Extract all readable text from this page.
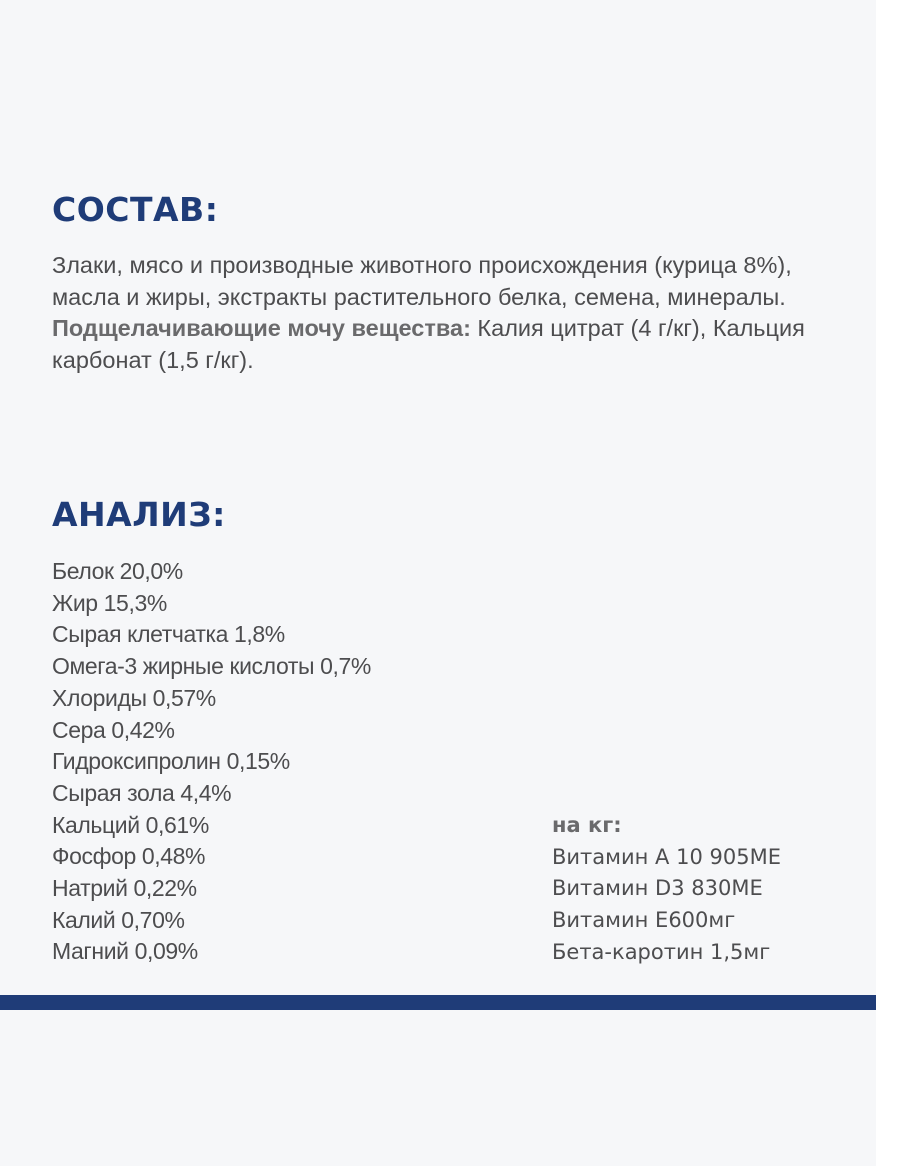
СОСТАВ:

Злаки, мясо и производные животного происхождения (курица 8%), масла и жиры, экстракты растительного белка, семена, минералы.

Подщелачивающие мочу вещества: Калия цитрат (4 г/кг), Кальция карбонат (1,5 г/кг).

АНАЛИЗ:
Белок 20,0%
Жир 15,3%
Сырая клетчатка 1,8%
Омега-3 жирные кислоты 0,7%
Хлориды 0,57%
Сера 0,42%
Гидроксипролин 0,15%
Сырая зола 4,4%
Кальций 0,61%
Фосфор 0,48%
Натрий 0,22%
Калий 0,70%
Магний 0,09%
на кг:
Витамин А 10 905МЕ
Витамин D3 830МЕ
Витамин Е600мг
Бета-каротин 1,5мг
